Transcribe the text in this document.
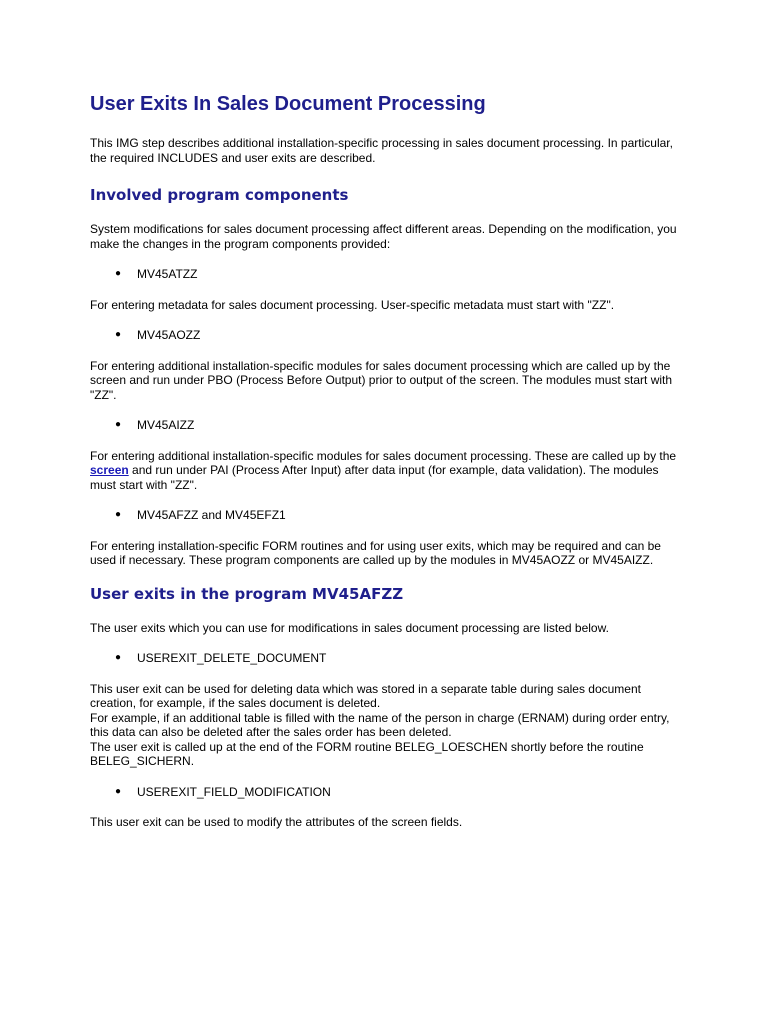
User Exits In Sales Document Processing

This IMG step describes additional installation-specific processing in sales document processing. In particular, the required INCLUDES and user exits are described.

Involved program components

System modifications for sales document processing affect different areas. Depending on the modification, you make the changes in the program components provided:

● MV45ATZZ

For entering metadata for sales document processing. User-specific metadata must start with "ZZ".

● MV45AOZZ

For entering additional installation-specific modules for sales document processing which are called up by the screen and run under PBO (Process Before Output) prior to output of the screen. The modules must start with "ZZ".

● MV45AIZZ

For entering additional installation-specific modules for sales document processing. These are called up by the screen and run under PAI (Process After Input) after data input (for example, data validation). The modules must start with "ZZ".

● MV45AFZZ and MV45EFZ1

For entering installation-specific FORM routines and for using user exits, which may be required and can be used if necessary. These program components are called up by the modules in MV45AOZZ or MV45AIZZ.

User exits in the program MV45AFZZ

The user exits which you can use for modifications in sales document processing are listed below.

● USEREXIT_DELETE_DOCUMENT

This user exit can be used for deleting data which was stored in a separate table during sales document creation, for example, if the sales document is deleted.
For example, if an additional table is filled with the name of the person in charge (ERNAM) during order entry, this data can also be deleted after the sales order has been deleted.
The user exit is called up at the end of the FORM routine BELEG_LOESCHEN shortly before the routine BELEG_SICHERN.

● USEREXIT_FIELD_MODIFICATION

This user exit can be used to modify the attributes of the screen fields.
